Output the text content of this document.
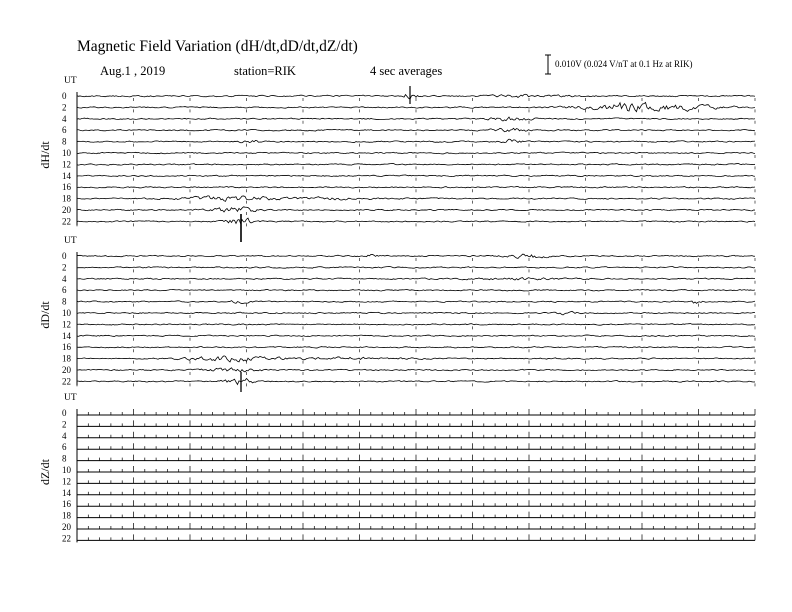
Magnetic Field Variation (dH/dt,dD/dt,dZ/dt)
Aug.1 , 2019	station=RIK	4 sec averages	0.010V (0.024 V/nT at 0.1 Hz at RIK)
UT
dH/dt
0
2
4
6
8
10
12
14
16
18
20
22
UT
dD/dt
0
2
4
6
8
10
12
14
16
18
20
22
UT
dZ/dt
0
2
4
6
8
10
12
14
16
18
20
22
